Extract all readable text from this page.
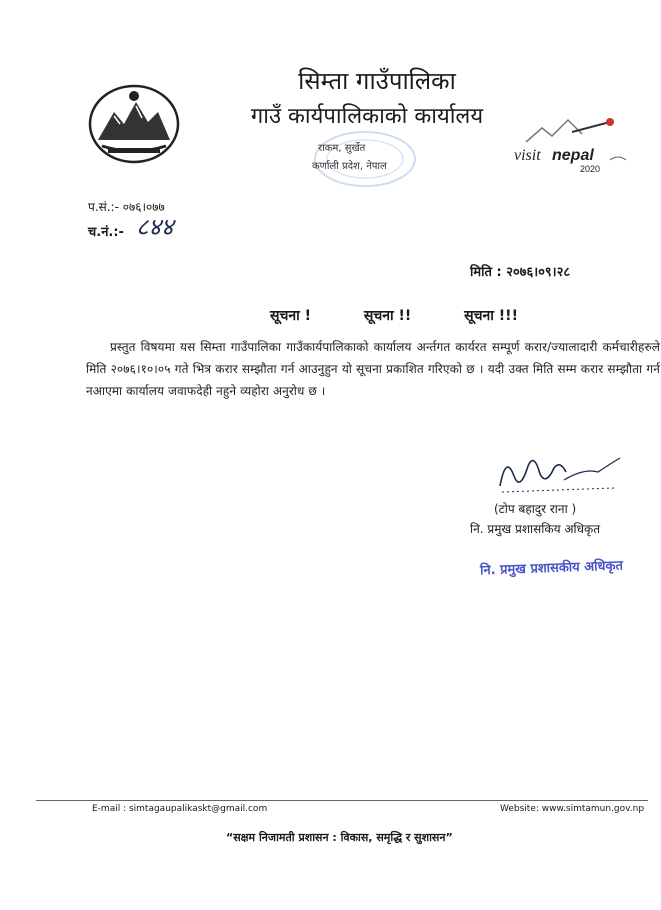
सिम्ता गाउँपालिका
गाउँ कार्यपालिकाको कार्यालय
राकम, सुर्खेत
कर्णाली प्रदेश, नेपाल
visit nepal
2020
प.सं.:- ०७६।०७७
च.नं.:- ८४४
मिति : २०७६।०९।२८
सूचना !	सूचना !!	सूचना !!!
प्रस्तुत विषयमा यस सिम्ता गाउँपालिका गाउँकार्यपालिकाको कार्यालय अर्न्तगत कार्यरत सम्पूर्ण करार/ज्यालादारी कर्मचारीहरुले मिति २०७६।१०।०५ गते भित्र करार सम्झौता गर्न आउनुहुन यो सूचना प्रकाशित गरिएको छ । यदी उक्त मिति सम्म करार सम्झौता गर्न नआएमा कार्यालय जवाफदेही नहुने व्यहोरा अनुरोध छ ।
(टोप बहादुर राना )
नि. प्रमुख प्रशासकिय अधिकृत
नि. प्रमुख प्रशासकीय अधिकृत
E-mail : simtagaupalikaskt@gmail.com	Website: www.simtamun.gov.np
“सक्षम निजामती प्रशासन : विकास, समृद्धि र सुशासन”
